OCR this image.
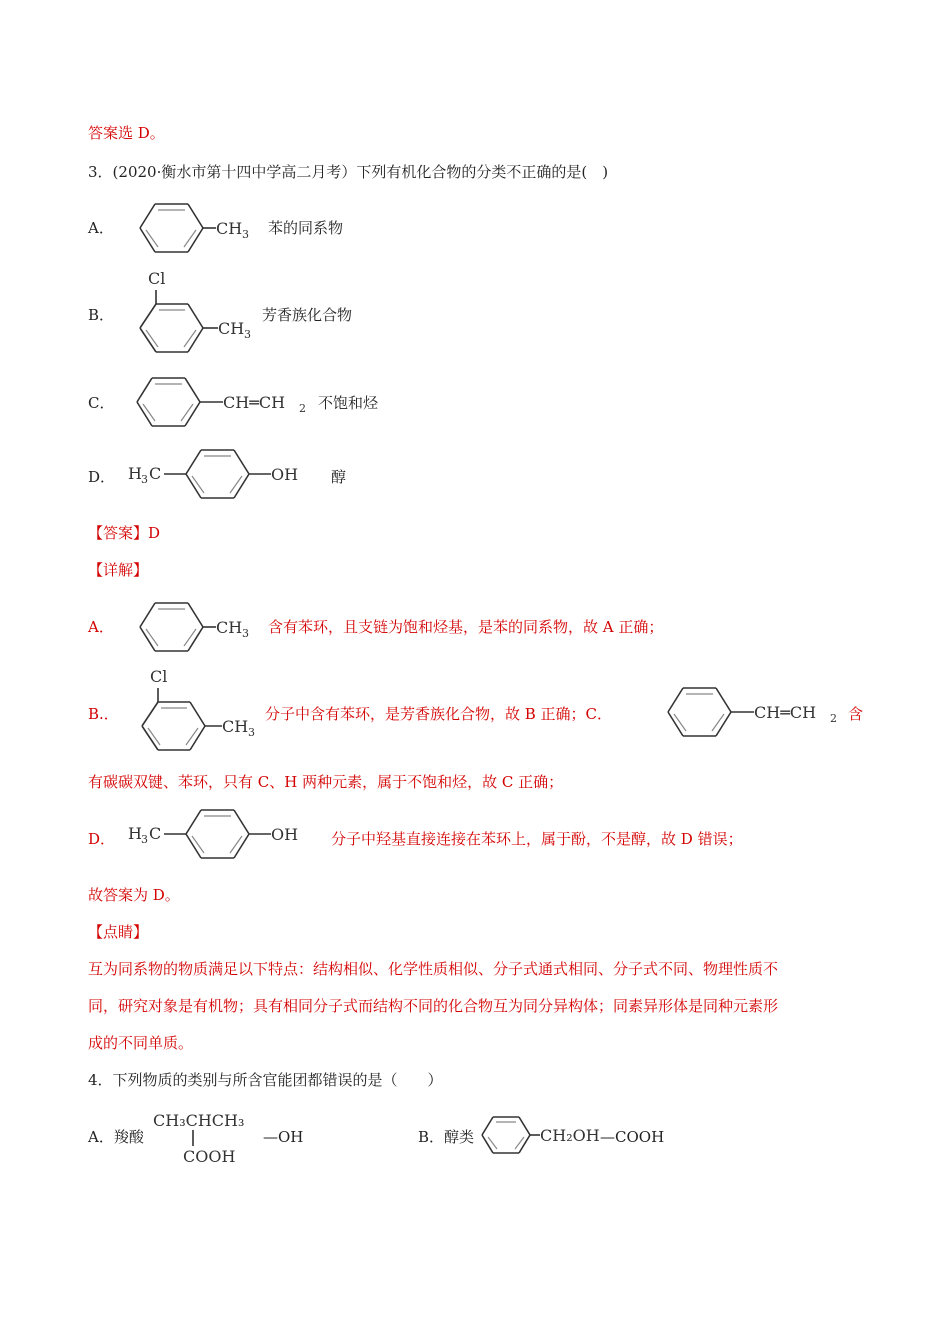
答案选 D。
3．(2020·衡水市第十四中学高二月考）下列有机化合物的分类不正确的是(　)
A．	CH 3 苯的同系物
B．
Cl
CH 3
芳香族化合物
C．	CH═CH 2 不饱和烃
D． H 3 C	OH 醇
【答案】D
【详解】
A．	CH 3 含有苯环，且支链为饱和烃基，是苯的同系物，故 A 正确；
B.．
Cl
CH 3
分子中含有苯环，是芳香族化合物，故 B 正确；C．	CH═CH 2 含
有碳碳双键、苯环，只有 C、H 两种元素，属于不饱和烃，故 C 正确；
D． H 3 C	OH 分子中羟基直接连接在苯环上，属于酚，不是醇，故 D 错误；
故答案为 D。
【点睛】
互为同系物的物质满足以下特点：结构相似、化学性质相似、分子式通式相同、分子式不同、物理性质不
同，研究对象是有机物；具有相同分子式而结构不同的化合物互为同分异构体；同素异形体是同种元素形
成的不同单质。
4．下列物质的类别与所含官能团都错误的是（　　）
A．羧酸
CH₃CHCH₃
COOH
—OH	B．醇类	CH₂OH —COOH
